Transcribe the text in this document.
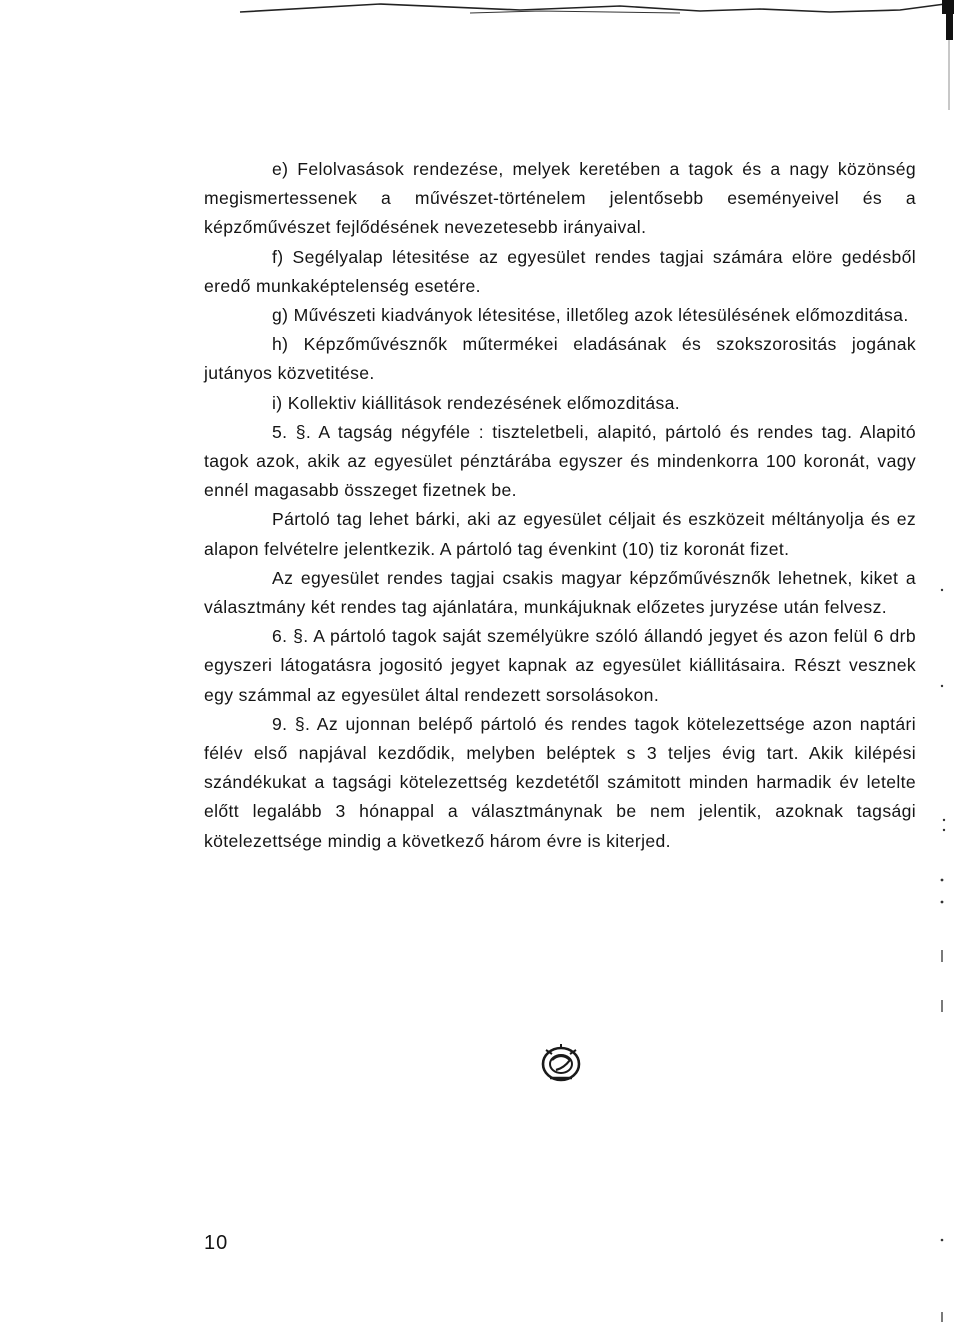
e) Felolvasások rendezése, melyek keretében a tagok és a nagy közönség megismertessenek a művészet-történelem jelentősebb eseményeivel és a képzőművészet fejlődésének nevezetesebb irányaival.

f) Segélyalap létesitése az egyesület rendes tagjai számára elöre gedésből eredő munkaképtelenség esetére.

g) Művészeti kiadványok létesitése, illetőleg azok létesülésének előmozditása.

h) Képzőművésznők műtermékei eladásának és szokszorositás jogának jutányos közvetitése.

i) Kollektiv kiállitások rendezésének előmozditása.

5. §. A tagság négyféle : tiszteletbeli, alapitó, pártoló és rendes tag. Alapitó tagok azok, akik az egyesület pénztárába egyszer és mindenkorra 100 koronát, vagy ennél magasabb összeget fizetnek be.

Pártoló tag lehet bárki, aki az egyesület céljait és eszközeit méltányolja és ez alapon felvételre jelentkezik. A pártoló tag évenkint (10) tiz koronát fizet.

Az egyesület rendes tagjai csakis magyar képzőművésznők lehetnek, kiket a választmány két rendes tag ajánlatára, munkájuknak előzetes juryzése után felvesz.

6. §. A pártoló tagok saját személyükre szóló állandó jegyet és azon felül 6 drb egyszeri látogatásra jogositó jegyet kapnak az egyesület kiállitásaira. Részt vesznek egy számmal az egyesület által rendezett sorsolásokon.

9. §. Az ujonnan belépő pártoló és rendes tagok kötelezettsége azon naptári félév első napjával kezdődik, melyben beléptek s 3 teljes évig tart. Akik kilépési szándékukat a tagsági kötelezettség kezdetétől számitott minden harmadik év letelte előtt legalább 3 hónappal a választmánynak be nem jelentik, azoknak tagsági kötelezettsége mindig a következő három évre is kiterjed.

10
